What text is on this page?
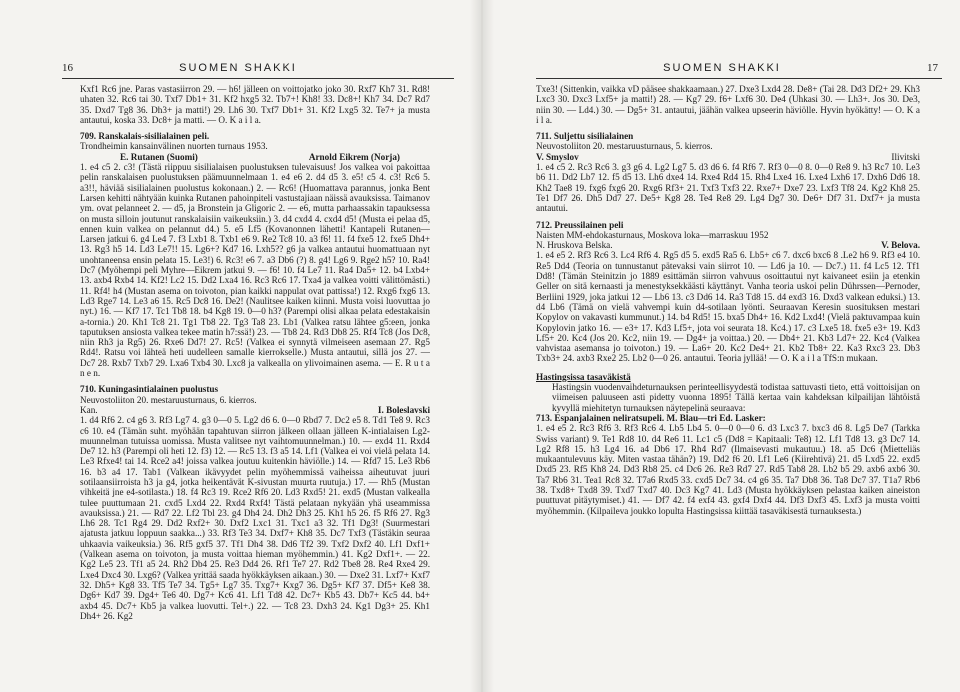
16	SUOMEN SHAKKI

Kxf1 Rc6 jne. Paras vastasiirron 29. — h6! jälleen on voittojatko joko 30. Rxf7 Kh7 31. Rd8! uhaten 32. Rc6 tai 30. Txf7 Db1+ 31. Kf2 hxg5 32. Tb7+! Kh8! 33. Dc8+! Kh7 34. Dc7 Rd7 35. Dxd7 Tg8 36. Dh3+ ja matti!) 29. Lh6 30. Txf7 Db1+ 31. Kf2 Lxg5 32. Te7+ ja musta antautui, koska 33. Dc8+ ja matti. — O. K a i l a.

709. Ranskalais-sisilialainen peli.

Trondheimin kansainvälinen nuorten turnaus 1953.

E. Rutanen (Suomi)	Arnold Eikrem (Norja)

1. e4 c5 2. c3! (Tästä riippuu sisilialaisen puolustuksen tulevaisuus! Jos valkea voi pakoittaa pelin ranskalaisen puolustuksen päämuunnelmaan 1. e4 e6 2. d4 d5 3. e5! c5 4. c3! Rc6 5. a3!!, häviää sisilialainen puolustus kokonaan.) 2. — Rc6! (Huomattava parannus, jonka Bent Larsen kehitti nähtyään kuinka Rutanen pahoinpiteli vastustajiaan näissä avauksissa. Taimanov ym. ovat pelanneet 2. — d5, ja Bronstein ja Gligoric 2. — e6, mutta parhaassakin tapauksessa on musta silloin joutunut ranskalaisiin vaikeuksiin.) 3. d4 cxd4 4. cxd4 d5! (Musta ei pelaa d5, ennen kuin valkea on pelannut d4.) 5. e5 Lf5 (Kovanonnen lähetti! Kantapeli Rutanen—Larsen jatkui 6. g4 Le4 7. f3 Lxb1 8. Txb1 e6 9. Re2 Tc8 10. a3 f6! 11. f4 fxe5 12. fxe5 Dh4+ 13. Rg3 h5 14. Ld3 Le7!! 15. Lg6+? Kd7 16. Lxh5?? g6 ja valkea antautui huomattuaan nyt unohtaneensa ensin pelata 15. Le3!) 6. Rc3! e6 7. a3 Db6 (?) 8. g4! Lg6 9. Rge2 h5? 10. Ra4! Dc7 (Myöhempi peli Myhre—Eikrem jatkui 9. — f6! 10. f4 Le7 11. Ra4 Da5+ 12. b4 Lxb4+ 13. axb4 Rxb4 14. Kf2! Lc2 15. Dd2 Lxa4 16. Rc3 Rc6 17. Txa4 ja valkea voitti välittömästi.) 11. Rf4! h4 (Mustan asema on toivoton, pian kaikki nappulat ovat pattissa!) 12. Rxg6 fxg6 13. Ld3 Rge7 14. Le3 a6 15. Rc5 Dc8 16. De2! (Naulitsee kaiken kiinni. Musta voisi luovuttaa jo nyt.) 16. — Kf7 17. Tc1 Tb8 18. b4 Kg8 19. 0—0 h3? (Parempi olisi alkaa pelata edestakaisin a-tornia.) 20. Kh1 Tc8 21. Tg1 Tb8 22. Tg3 Ta8 23. Lb1 (Valkea ratsu lähtee g5:een, jonka taputuksen ansiosta valkea tekee matin h7:ssä!) 23. — Tb8 24. Rd3 Db8 25. Rf4 Tc8 (Jos Dc8, niin Rh3 ja Rg5) 26. Rxe6 Dd7! 27. Rc5! (Valkea ei synnytä vilmeiseen asemaan 27. Rg5 Rd4!. Ratsu voi lähteä heti uudelleen samalle kierrokselle.) Musta antautui, sillä jos 27. — Dc7 28. Rxb7 Txb7 29. Lxa6 Txb4 30. Lxc8 ja valkealla on ylivoimainen asema. — E. R u t a n e n.

710. Kuningasintialainen puolustus

Neuvostoliiton 20. mestaruusturnaus, 6. kierros.

Kan.	I. Boleslavski

1. d4 Rf6 2. c4 g6 3. Rf3 Lg7 4. g3 0—0 5. Lg2 d6 6. 0—0 Rbd7 7. Dc2 e5 8. Td1 Te8 9. Rc3 c6 10. e4 (Tämän suht. myöhään tapahtuvan siirron jälkeen ollaan jälleen K-intialaisen Lg2-muunnelman tutuissa uomissa. Musta valitsee nyt vaihtomuunnelman.) 10. — exd4 11. Rxd4 De7 12. h3 (Parempi oli heti 12. f3) 12. — Rc5 13. f3 a5 14. Lf1 (Valkea ei voi vielä pelata 14. Le3 Rfxe4! tai 14. Rce2 a4! joissa valkea joutuu kuitenkin häviölle.) 14. — Rfd7 15. Le3 Rb6 16. b3 a4 17. Tab1 (Valkean ikävyydet pelin myöhemmissä vaiheissa aiheutuvat juuri sotilaansiirroista h3 ja g4, jotka heikentävät K-sivustan muurta ruutuja.) 17. — Rh5 (Mustan vihkeitä jne e4-sotilasta.) 18. f4 Rc3 19. Rce2 Rf6 20. Ld3 Rxd5! 21. exd5 (Mustan valkealla tulee puuttumaan 21. cxd5 Lxd4 22. Rxd4 Rxf4! Tästä pelataan nykyään yhä useammissa avauksissa.) 21. — Rd7 22. Lf2 Tbl 23. g4 Dh4 24. Dh2 Dh3 25. Kh1 h5 26. f5 Rf6 27. Rg3 Lh6 28. Tc1 Rg4 29. Dd2 Rxf2+ 30. Dxf2 Lxc1 31. Txc1 a3 32. Tf1 Dg3! (Suurmestari ajatusta jatkuu loppuun saakka...) 33. Rf3 Te3 34. Dxf7+ Kh8 35. Dc7 Txf3 (Tästäkin seuraa uhkaavia vaikeuksia.) 36. Rf5 gxf5 37. Tf1 Dh4 38. Dd6 Tf2 39. Txf2 Dxf2 40. Lf1 Dxf1+ (Valkean asema on toivoton, ja musta voittaa hieman myöhemmin.) 41. Kg2 Dxf1+. — 22. Kg2 Le5 23. Tf1 a5 24. Rh2 Db4 25. Re3 Dd4 26. Rf1 Te7 27. Rd2 Tbe8 28. Re4 Rxe4 29. Lxe4 Dxc4 30. Lxg6? (Valkea yrittää saada hyökkäyksen aikaan.) 30. — Dxe2 31. Lxf7+ Kxf7 32. Dh5+ Kg8 33. Tf5 Te7 34. Tg5+ Lg7 35. Txg7+ Kxg7 36. Dg5+ Kf7 37. Df5+ Ke8 38. Dg6+ Kd7 39. Dg4+ Te6 40. Dg7+ Kc6 41. Lf1 Td8 42. Dc7+ Kb5 43. Db7+ Kc5 44. b4+ axb4 45. Dc7+ Kb5 ja valkea luovutti. Tel+.) 22. — Tc8 23. Dxh3 24. Kg1 Dg3+ 25. Kh1 Dh4+ 26. Kg2

SUOMEN SHAKKI	17

Txe3! (Sittenkin, vaikka vD pääsee shakkaamaan.) 27. Dxe3 Lxd4 28. De8+ (Tai 28. Dd3 Df2+ 29. Kh3 Lxc3 30. Dxc3 Lxf5+ ja matti!) 28. — Kg7 29. f6+ Lxf6 30. De4 (Uhkasi 30. — Lh3+. Jos 30. De3, niin 30. — Ld4.) 30. — Dg5+ 31. antautui, jäähän valkea upseerin häviölle. Hyvin hyökätty! — O. K a i l a.

711. Suljettu sisilialainen

Neuvostoliiton 20. mestaruusturnaus, 5. kierros.

V. Smyslov	Ilivitski

1. e4 c5 2. Rc3 Rc6 3. g3 g6 4. Lg2 Lg7 5. d3 d6 6. f4 Rf6 7. Rf3 0—0 8. 0—0 Rе8 9. h3 Rc7 10. Le3 b6 11. Dd2 Lb7 12. f5 d5 13. Lh6 dxe4 14. Rxe4 Rd4 15. Rh4 Lxe4 16. Lxe4 Lxh6 17. Dxh6 Dd6 18. Kh2 Tae8 19. fxg6 fxg6 20. Rxg6 Rf3+ 21. Txf3 Txf3 22. Rxe7+ Dxe7 23. Lxf3 Tf8 24. Kg2 Kh8 25. Te1 Df7 26. Dh5 Dd7 27. De5+ Kg8 28. Te4 Re8 29. Lg4 Dg7 30. De6+ Df7 31. Dxf7+ ja musta antautui.

712. Preussilainen peli

Naisten MM-ehdokasturnaus, Moskova loka—marraskuu 1952

N. Hruskova Belska.	V. Belova.

1. e4 e5 2. Rf3 Rc6 3. Lc4 Rf6 4. Rg5 d5 5. exd5 Ra5 6. Lb5+ c6 7. dxc6 bxc6 8 .Le2 h6 9. Rf3 e4 10. Re5 Dd4 (Teoria on tunnustanut pätevaksi vain siirrot 10. — Ld6 ja 10. — Dc7.) 11. f4 Lc5 12. Tf1 Dd8! (Tämän Steinitzin jo 1889 esittämän siirron vahvuus osoittautui nyt kaivaneet esiin ja etenkin Geller on sitä kernaasti ja menestyksekkäästi käyttänyt. Vanha teoria uskoi pelin Dührssen—Pernoder, Berliini 1929, joka jatkui 12 — Lb6 13. c3 Dd6 14. Ra3 Td8 15. d4 exd3 16. Dxd3 valkean eduksi.) 13. d4 Lb6 (Tämä on vielä vahvempi kuin d4-sotilaan lyönti. Seuraavan Keresin suosituksen mestari Kopylov on vakavasti kummunut.) 14. b4 Rd5! 15. bxa5 Dh4+ 16. Kd2 Lxd4! (Vielä paktuvampaa kuin Kopylovin jatko 16. — e3+ 17. Kd3 Lf5+, jota voi seurata 18. Kc4.) 17. c3 Lxe5 18. fxe5 e3+ 19. Kd3 Lf5+ 20. Kc4 (Jos 20. Kc2, niin 19. — Dg4+ ja voittaa.) 20. — Db4+ 21. Kb3 Ld7+ 22. Kc4 (Valkea vahvistaa asemansa jo toivoton.) 19. — La6+ 20. Kc2 De4+ 21. Kb2 Tb8+ 22. Ka3 Rxc3 23. Db3 Txb3+ 24. axb3 Rxe2 25. Lb2 0—0 26. antautui. Teoria jyllää! — O. K a i l a TfS:n mukaan.

Hastingsissa tasaväkistä

Hastingsin vuodenvaihdeturnauksen perinteellisyydestä todistaa sattuvasti tieto, että voittoisijan on viimeisen paluuseen asti pidetty vuonna 1895! Tällä kertaa vain kahdeksan kilpailijan lähtöistä kyvyllä miehitetyn turnauksen näytepelinä seuraava:

713. Espanjalainen neliratsupeli. M. Blau—tri Ed. Lasker:

1. e4 e5 2. Rc3 Rf6 3. Rf3 Rc6 4. Lb5 Lb4 5. 0—0 0—0 6. d3 Lxc3 7. bxc3 d6 8. Lg5 De7 (Tarkka Swiss variant) 9. Te1 Rd8 10. d4 Re6 11. Lc1 c5 (Dd8 = Kapitaali: Te8) 12. Lf1 Td8 13. g3 Dc7 14. Lg2 Rf8 15. h3 Lg4 16. a4 Db6 17. Rh4 Rd7 (Ilmaisevasti mukautuu.) 18. a5 Dc6 (Mietteliäs mukaantulevuus käy. Miten vastaa tähän?) 19. Dd2 f6 20. Lf1 Le6 (Kiirehtivä) 21. d5 Lxd5 22. exd5 Dxd5 23. Rf5 Kh8 24. Dd3 Rb8 25. c4 Dc6 26. Re3 Rd7 27. Rd5 Tab8 28. Lb2 b5 29. axb6 axb6 30. Ta7 Rb6 31. Tea1 Rc8 32. T7a6 Rxd5 33. cxd5 Dc7 34. c4 g6 35. Ta7 Db8 36. Ta8 Dc7 37. T1a7 Rb6 38. Txd8+ Txd8 39. Txd7 Txd7 40. Dc3 Kg7 41. Ld3 (Musta hyökkäyksen pelastaa kaiken aineiston puuttuvat pitäytymiset.) 41. — Df7 42. f4 exf4 43. gxf4 Dxf4 44. Df3 Dxf3 45. Lxf3 ja musta voitti myöhemmin. (Kilpaileva joukko lopulta Hastingsissa kiittää tasaväkisestä turnauksesta.)
